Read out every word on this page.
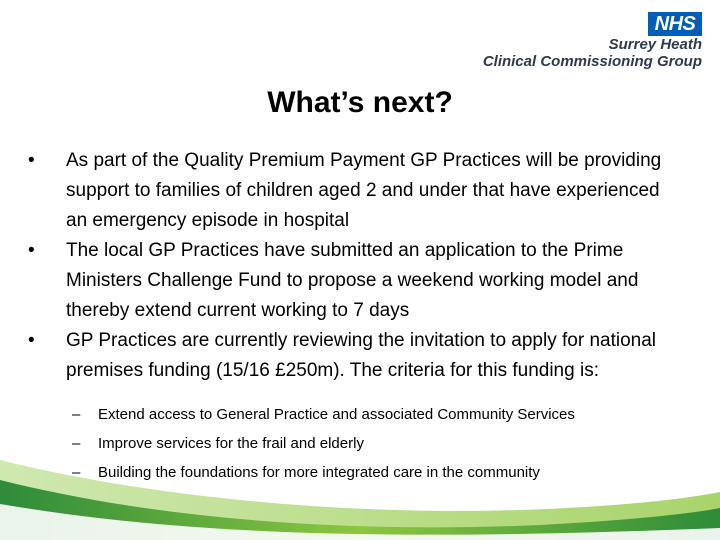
NHS
Surrey Heath
Clinical Commissioning Group
What’s next?
• As part of the Quality Premium Payment GP Practices will be providing support to families of children aged 2 and under that have experienced an emergency episode in hospital
• The local GP Practices have submitted an application to the Prime Ministers Challenge Fund to propose a weekend working model and thereby extend current working to 7 days
• GP Practices are currently reviewing the invitation to apply for national premises funding (15/16 £250m). The criteria for this funding is:
– Extend access to General Practice and associated Community Services
– Improve services for the frail and elderly
– Building the foundations for more integrated care in the community
